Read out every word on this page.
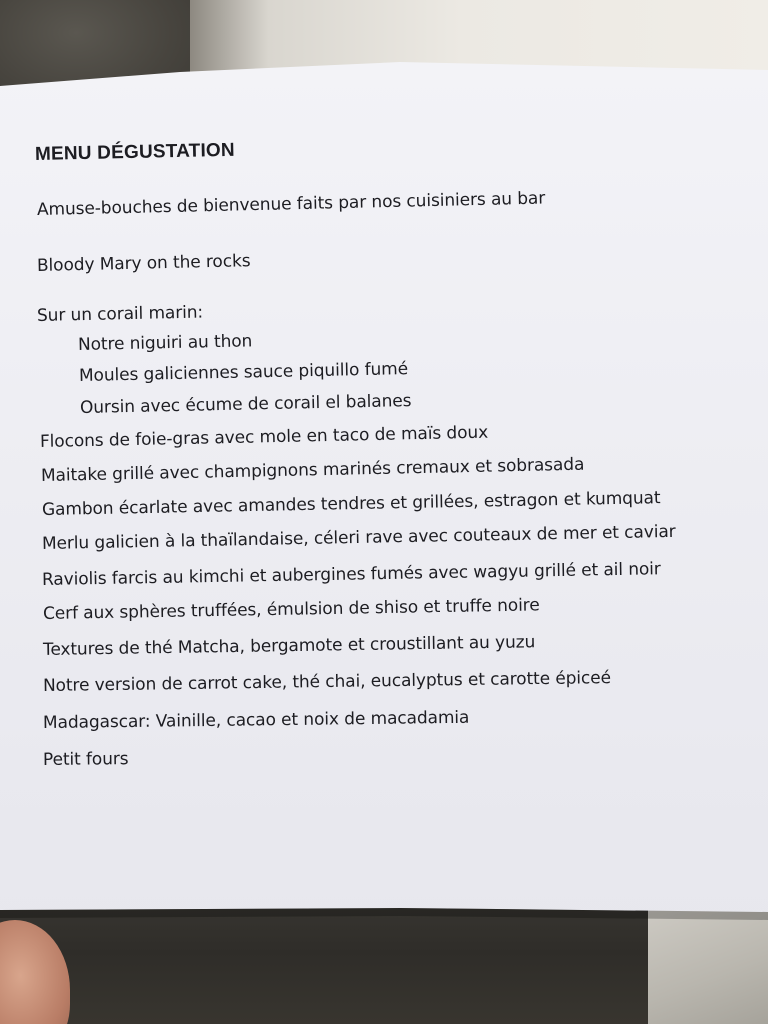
MENU DÉGUSTATION
Amuse-bouches de bienvenue faits par nos cuisiniers au bar
Bloody Mary on the rocks
Sur un corail marin:
Notre niguiri au thon
Moules galiciennes sauce piquillo fumé
Oursin avec écume de corail el balanes
Flocons de foie-gras avec mole en taco de maïs doux
Maitake grillé avec champignons marinés cremaux et sobrasada
Gambon écarlate avec amandes tendres et grillées, estragon et kumquat
Merlu galicien à la thaïlandaise, céleri rave avec couteaux de mer et caviar
Raviolis farcis au kimchi et aubergines fumés avec wagyu grillé et ail noir
Cerf aux sphères truffées, émulsion de shiso et truffe noire
Textures de thé Matcha, bergamote et croustillant au yuzu
Notre version de carrot cake, thé chai, eucalyptus et carotte épiceé
Madagascar: Vainille, cacao et noix de macadamia
Petit fours
